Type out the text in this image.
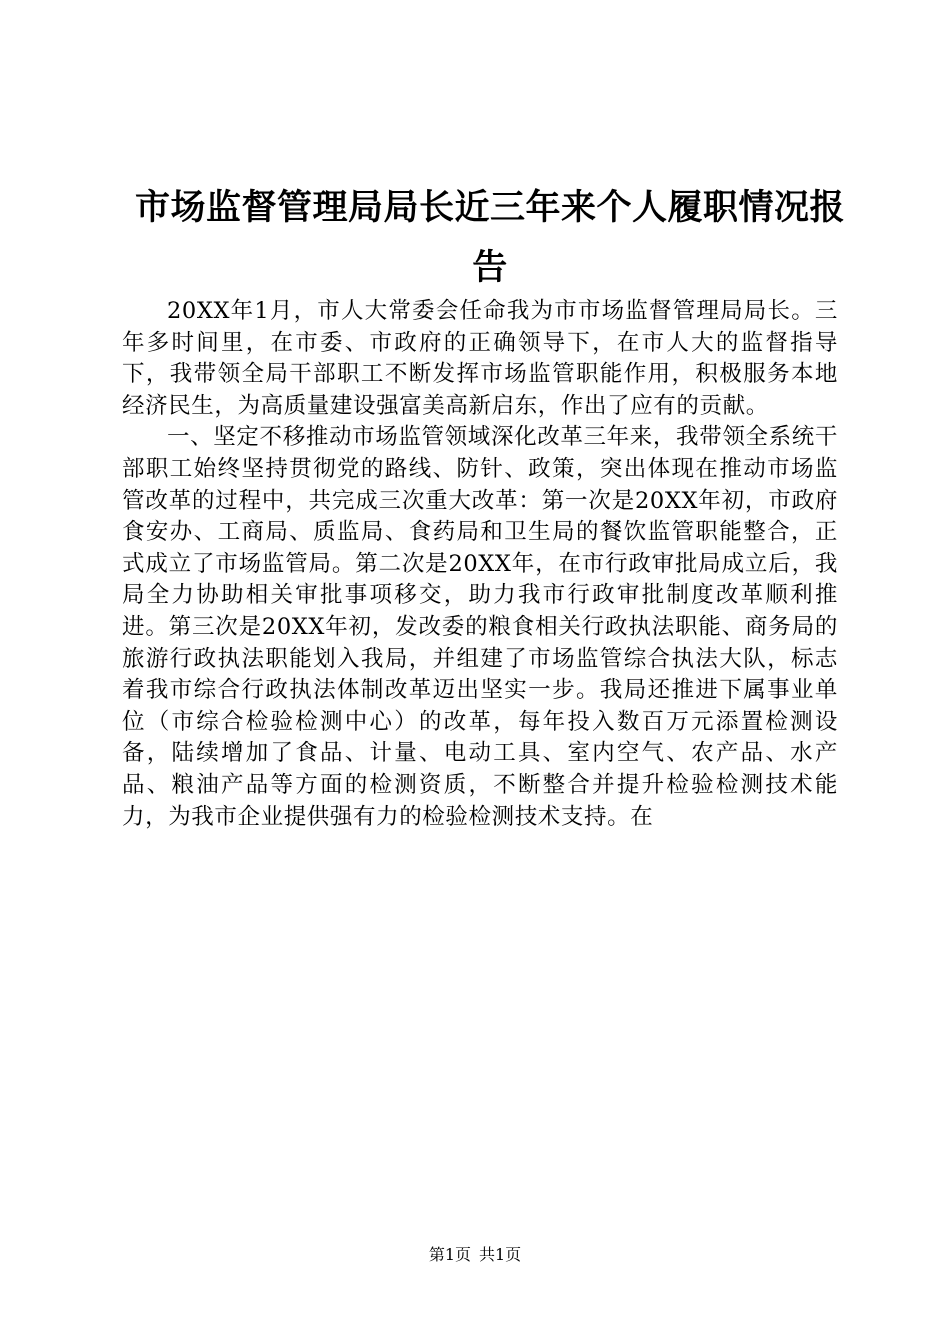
市场监督管理局局长近三年来个人履职情况报告

20XX年1月，市人大常委会任命我为市市场监督管理局局长。三年多时间里，在市委、市政府的正确领导下，在市人大的监督指导下，我带领全局干部职工不断发挥市场监管职能作用，积极服务本地经济民生，为高质量建设强富美高新启东，作出了应有的贡献。

一、坚定不移推动市场监管领域深化改革三年来，我带领全系统干部职工始终坚持贯彻党的路线、防针、政策，突出体现在推动市场监管改革的过程中，共完成三次重大改革：第一次是20XX年初，市政府食安办、工商局、质监局、食药局和卫生局的餐饮监管职能整合，正式成立了市场监管局。第二次是20XX年，在市行政审批局成立后，我局全力协助相关审批事项移交，助力我市行政审批制度改革顺利推进。第三次是20XX年初，发改委的粮食相关行政执法职能、商务局的旅游行政执法职能划入我局，并组建了市场监管综合执法大队，标志着我市综合行政执法体制改革迈出坚实一步。我局还推进下属事业单位（市综合检验检测中心）的改革，每年投入数百万元添置检测设备，陆续增加了食品、计量、电动工具、室内空气、农产品、水产品、粮油产品等方面的检测资质，不断整合并提升检验检测技术能力，为我市企业提供强有力的检验检测技术支持。在

第1页 共1页
